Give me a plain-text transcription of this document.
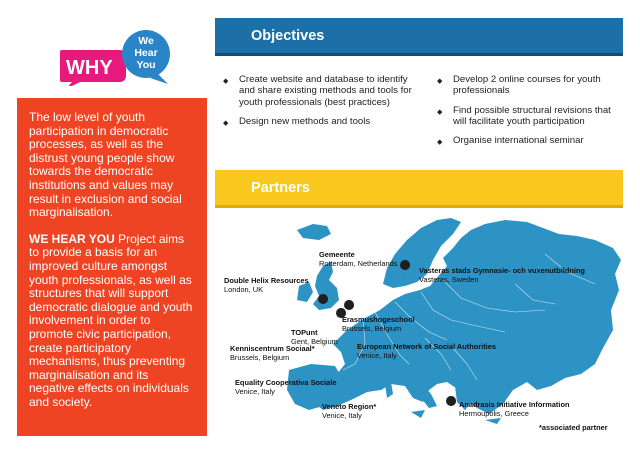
WHY
We
Hear
You

The low level of youth participation in democratic processes, as well as the distrust young people show towards the democratic institutions and values may result in exclusion and social marginalisation.

WE HEAR YOU Project aims to provide a basis for an improved culture amongst youth professionals, as well as structures that will support democratic dialogue and youth involvement in order to promote civic participation, create participatory mechanisms, thus preventing marginalisation and its negative effects on individuals and society.

Objectives
◆ Create website and database to identify and share existing methods and tools for youth professionals (best practices)
◆ Design new methods and tools
◆ Develop 2 online courses for youth professionals
◆ Find possible structural revisions that will facilitate youth participation
◆ Organise international seminar
Partners
Gemeente
Rotterdam, Netherlands
Double Helix Resources
London, UK
Vasteras stads Gymnasie- och vuxenutbildning
Vasteras, Sweden
Erasmushogeschool
Brussels, Belgium
TOPunt
Gent, Belgium
Kenniscentrum Sociaal*
Brussels, Belgium
European Network of Social Authorities
Venice, Italy
Equality Cooperativa Sociale
Venice, Italy
Veneto Region*
Venice, Italy
Anadrasis Initiative Information
Hermoupolis, Greece
*associated partner
